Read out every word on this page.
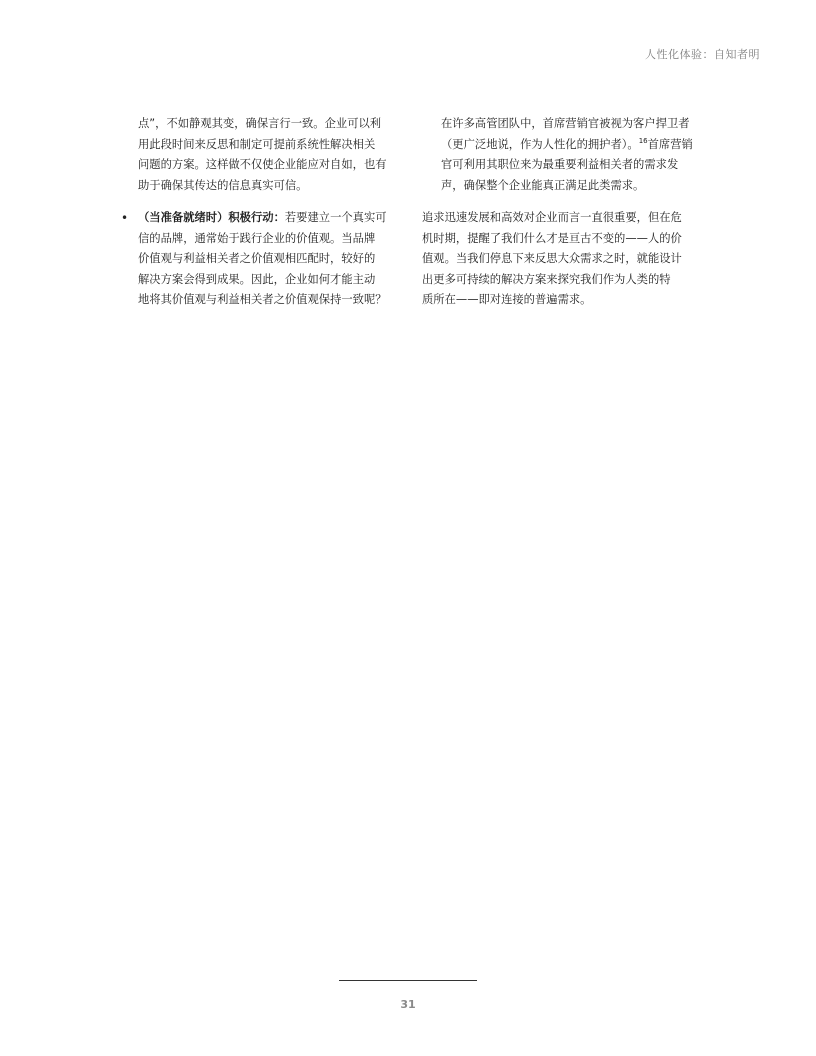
人性化体验：自知者明

点”，不如静观其变，确保言行一致。企业可以利
用此段时间来反思和制定可提前系统性解决相关
问题的方案。这样做不仅使企业能应对自如，也有
助于确保其传达的信息真实可信。

在许多高管团队中，首席营销官被视为客户捍卫者
（更广泛地说，作为人性化的拥护者）。$^{16}$首席营销
官可利用其职位来为最重要利益相关者的需求发
声，确保整个企业能真正满足此类需求。

• （当准备就绪时）积极行动：若要建立一个真实可
信的品牌，通常始于践行企业的价值观。当品牌
价值观与利益相关者之价值观相匹配时，较好的
解决方案会得到成果。因此，企业如何才能主动
地将其价值观与利益相关者之价值观保持一致呢？

追求迅速发展和高效对企业而言一直很重要，但在危
机时期，提醒了我们什么才是亘古不变的——人的价
值观。当我们停息下来反思大众需求之时，就能设计
出更多可持续的解决方案来探究我们作为人类的特
质所在——即对连接的普遍需求。

31
